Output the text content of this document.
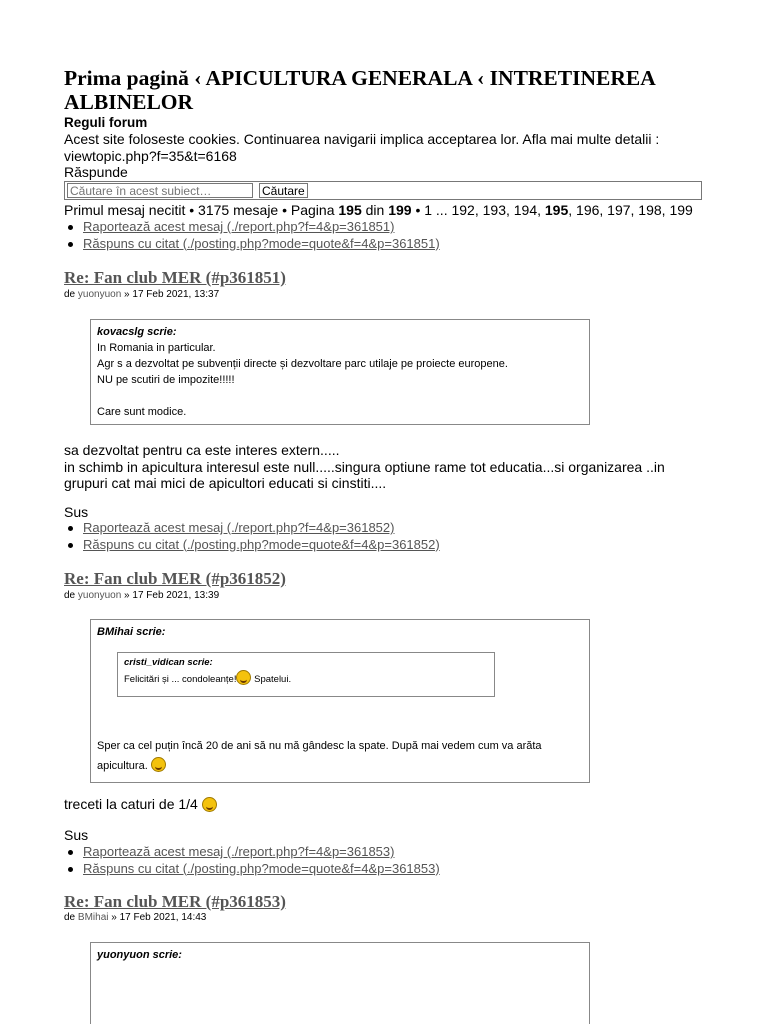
Prima pagină ‹ APICULTURA GENERALA ‹ INTRETINEREA ALBINELOR
Reguli forum
Acest site foloseste cookies. Continuarea navigarii implica acceptarea lor. Afla mai multe detalii : viewtopic.php?f=35&t=6168
Răspunde
Căutare în acest subiect…
Căutare
Primul mesaj necitit • 3175 mesaje • Pagina 195 din 199 • 1 ... 192, 193, 194, 195, 196, 197, 198, 199
Raportează acest mesaj (./report.php?f=4&p=361851)
Răspuns cu citat (./posting.php?mode=quote&f=4&p=361851)
Re: Fan club MER (#p361851)
de yuonyuon » 17 Feb 2021, 13:37
kovacslg scrie:

In Romania in particular.

Agr s a dezvoltat pe subvenții directe și dezvoltare parc utilaje pe proiecte europene.

NU pe scutiri de impozite!!!!!

Care sunt modice.

sa dezvoltat pentru ca este interes extern.....
in schimb in apicultura interesul este null.....singura optiune rame tot educatia...si organizarea ..in grupuri cat mai mici de apicultori educati si cinstiti....
Sus
Raportează acest mesaj (./report.php?f=4&p=361852)
Răspuns cu citat (./posting.php?mode=quote&f=4&p=361852)
Re: Fan club MER (#p361852)
de yuonyuon » 17 Feb 2021, 13:39
BMihai scrie:
cristi_vidican scrie:
Felicitări și ... condoleanțe! Spatelui.

Sper ca cel puțin încă 20 de ani să nu mă gândesc la spate. După mai vedem cum va arăta apicultura.

treceti la caturi de 1/4
Sus
Raportează acest mesaj (./report.php?f=4&p=361853)
Răspuns cu citat (./posting.php?mode=quote&f=4&p=361853)
Re: Fan club MER (#p361853)
de BMihai » 17 Feb 2021, 14:43
yuonyuon scrie:
